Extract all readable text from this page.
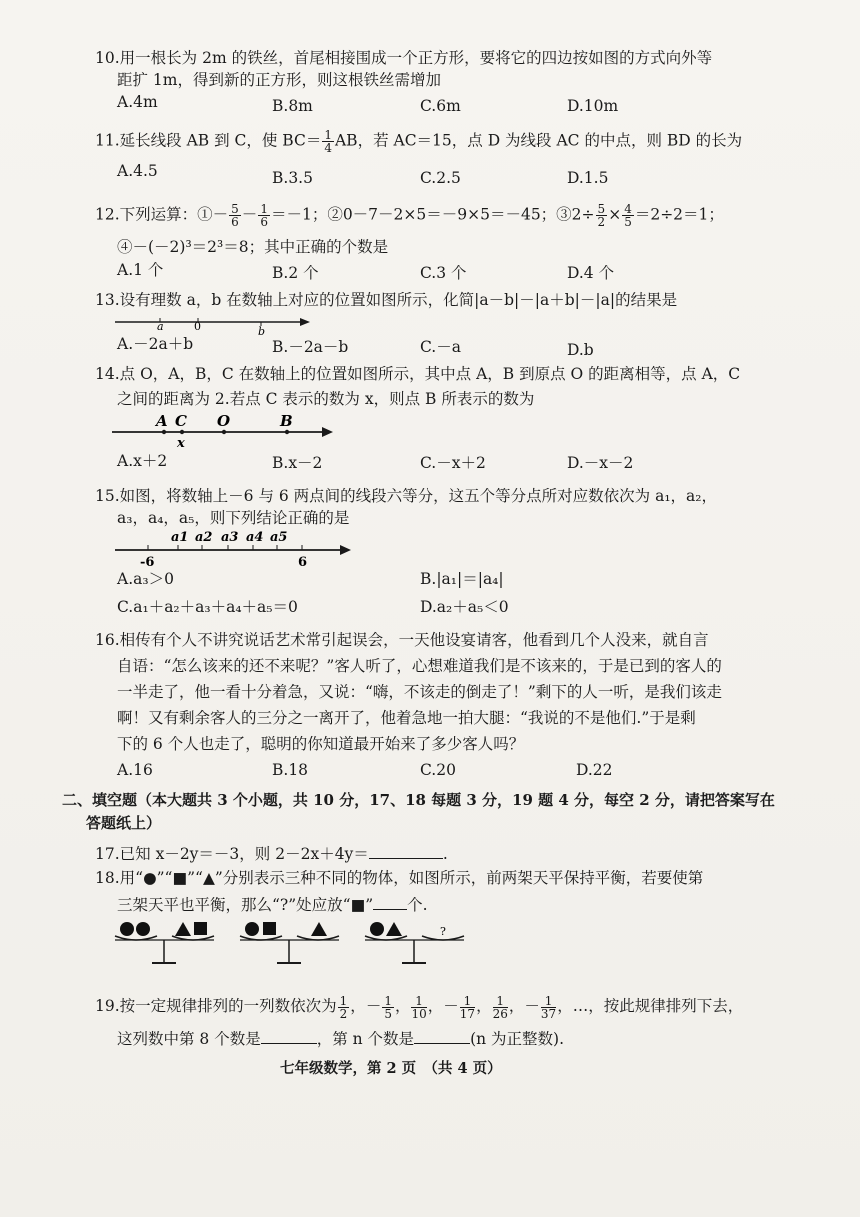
10.用一根长为 2m 的铁丝，首尾相接围成一个正方形，要将它的四边按如图的方式向外等
距扩 1m，得到新的正方形，则这根铁丝需增加
A.4m	B.8m	C.6m	D.10m
11.延长线段 AB 到 C，使 $BC= \frac{1}{4}$ AB，若 AC＝15，点 D 为线段 AC 的中点，则 BD 的长为
A.4.5	B.3.5	C.2.5	D.1.5
12.下列运算：①－ $\frac{5}{6} - \frac{1}{6} =-1$；②0－7－2×5＝－9×5＝－45；③2÷ $\frac{5}{2} \times \frac{4}{5} =2\div 2=1$；
④－(－2)³＝2³＝8；其中正确的个数是
A.1 个	B.2 个	C.3 个	D.4 个
13.设有理数 a，b 在数轴上对应的位置如图所示，化简|a－b|－|a＋b|－|a|的结果是
a	0	b
A.－2a＋b	B.－2a－b	C.－a	D.b
14.点 O，A，B，C 在数轴上的位置如图所示，其中点 A，B 到原点 O 的距离相等，点 A，C
之间的距离为 2.若点 C 表示的数为 x，则点 B 所表示的数为
A C O	B
x
A.x＋2	B.x－2	C.－x＋2	D.－x－2
15.如图，将数轴上－6 与 6 两点间的线段六等分，这五个等分点所对应数依次为 a₁，a₂，
a₃，a₄，a₅，则下列结论正确的是
a1 a2 a3 a4 a5
-6	6
A.a₃＞0	B.|a₁|＝|a₄|
C.a₁＋a₂＋a₃＋a₄＋a₅＝0	D.a₂＋a₅＜0
16.相传有个人不讲究说话艺术常引起误会，一天他设宴请客，他看到几个人没来，就自言
自语：“怎么该来的还不来呢？”客人听了，心想难道我们是不该来的，于是已到的客人的
一半走了，他一看十分着急，又说：“嗨，不该走的倒走了！”剩下的人一听，是我们该走
啊！又有剩余客人的三分之一离开了，他着急地一拍大腿：“我说的不是他们.”于是剩
下的 6 个人也走了，聪明的你知道最开始来了多少客人吗？
A.16	B.18	C.20	D.22
二、填空题（本大题共 3 个小题，共 10 分，17、18 每题 3 分，19 题 4 分，每空 2 分，请把答案写在
答题纸上）
17.已知 x－2y＝－3，则 2－2x＋4y＝	.
18.用“●”“■”“▲”分别表示三种不同的物体，如图所示，前两架天平保持平衡，若要使第
三架天平也平衡，那么“?”处应放“■” 个.
?
19.按一定规律排列的一列数依次为 $\frac{1}{2}$ ，－ $\frac{1}{5}$ ， $\frac{1}{10}$ ，－ $\frac{1}{17}$ ， $\frac{1}{26}$ ，－ $\frac{1}{37}$ ，…，按此规律排列下去，
这列数中第 8 个数是	，第 n 个数是	(n 为正整数).
七年级数学，第 2 页　（共 4 页）
